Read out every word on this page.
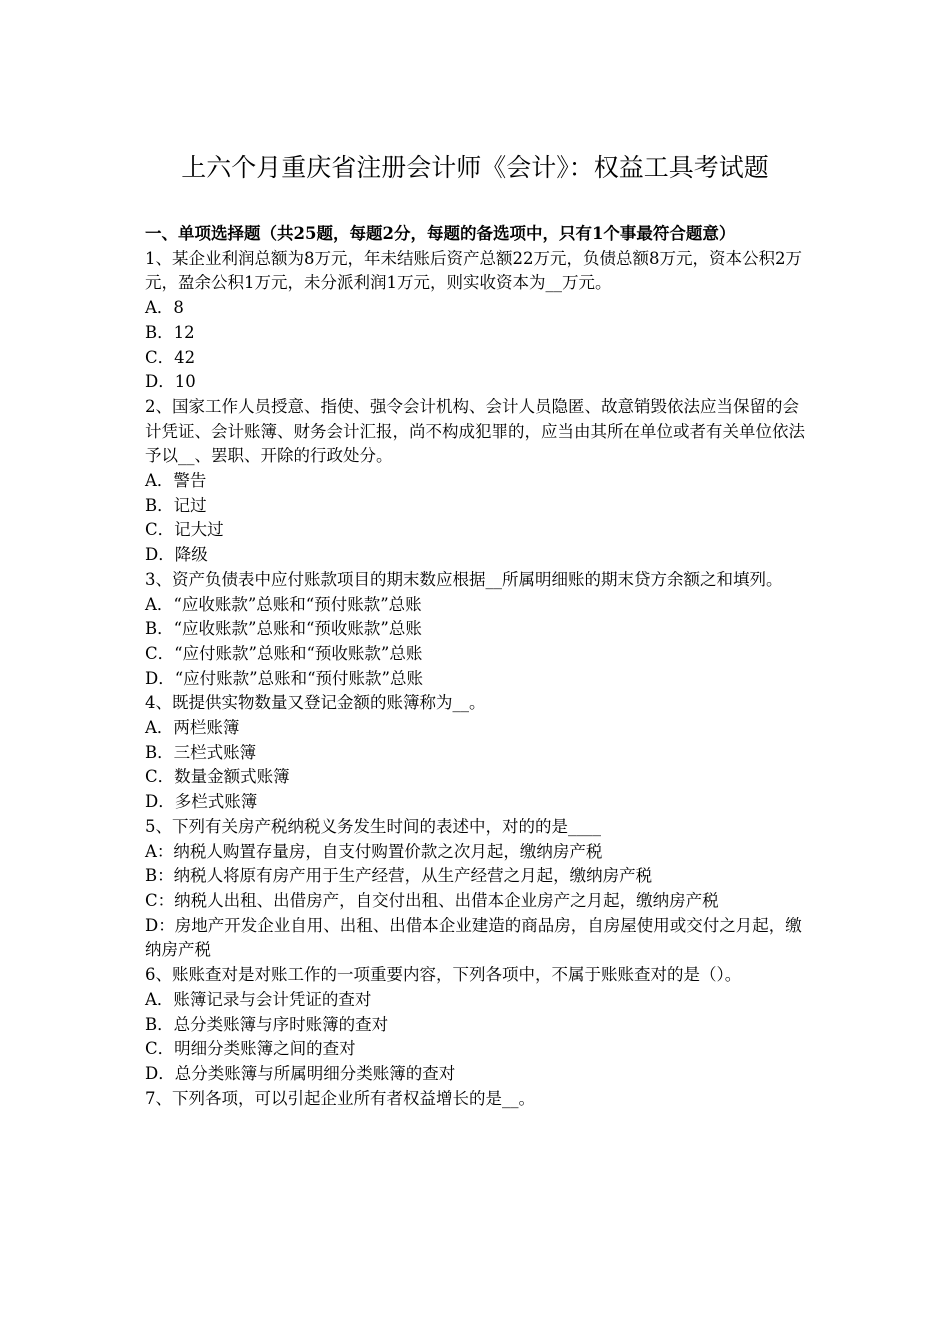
上六个月重庆省注册会计师《会计》：权益工具考试题

一、单项选择题（共25题，每题2分，每题的备选项中，只有1个事最符合题意）

1、某企业利润总额为8万元，年未结账后资产总额22万元，负债总额8万元，资本公积2万元，盈余公积1万元，未分派利润1万元，则实收资本为__万元。

A．8

B．12

C．42

D．10

2、国家工作人员授意、指使、强令会计机构、会计人员隐匿、故意销毁依法应当保留的会计凭证、会计账簿、财务会计汇报，尚不构成犯罪的，应当由其所在单位或者有关单位依法予以__、罢职、开除的行政处分。

A．警告

B．记过

C．记大过

D．降级

3、资产负债表中应付账款项目的期末数应根据__所属明细账的期末贷方余额之和填列。

A．“应收账款”总账和“预付账款”总账

B．“应收账款”总账和“预收账款”总账

C．“应付账款”总账和“预收账款”总账

D．“应付账款”总账和“预付账款”总账

4、既提供实物数量又登记金额的账簿称为__。

A．两栏账簿

B．三栏式账簿

C．数量金额式账簿

D．多栏式账簿

5、下列有关房产税纳税义务发生时间的表述中，对的的是____

A：纳税人购置存量房，自支付购置价款之次月起，缴纳房产税

B：纳税人将原有房产用于生产经营，从生产经营之月起，缴纳房产税

C：纳税人出租、出借房产，自交付出租、出借本企业房产之月起，缴纳房产税

D：房地产开发企业自用、出租、出借本企业建造的商品房，自房屋使用或交付之月起，缴纳房产税

6、账账查对是对账工作的一项重要内容，下列各项中，不属于账账查对的是（）。

A．账簿记录与会计凭证的查对

B．总分类账簿与序时账簿的查对

C．明细分类账簿之间的查对

D．总分类账簿与所属明细分类账簿的查对

7、下列各项，可以引起企业所有者权益增长的是__。
